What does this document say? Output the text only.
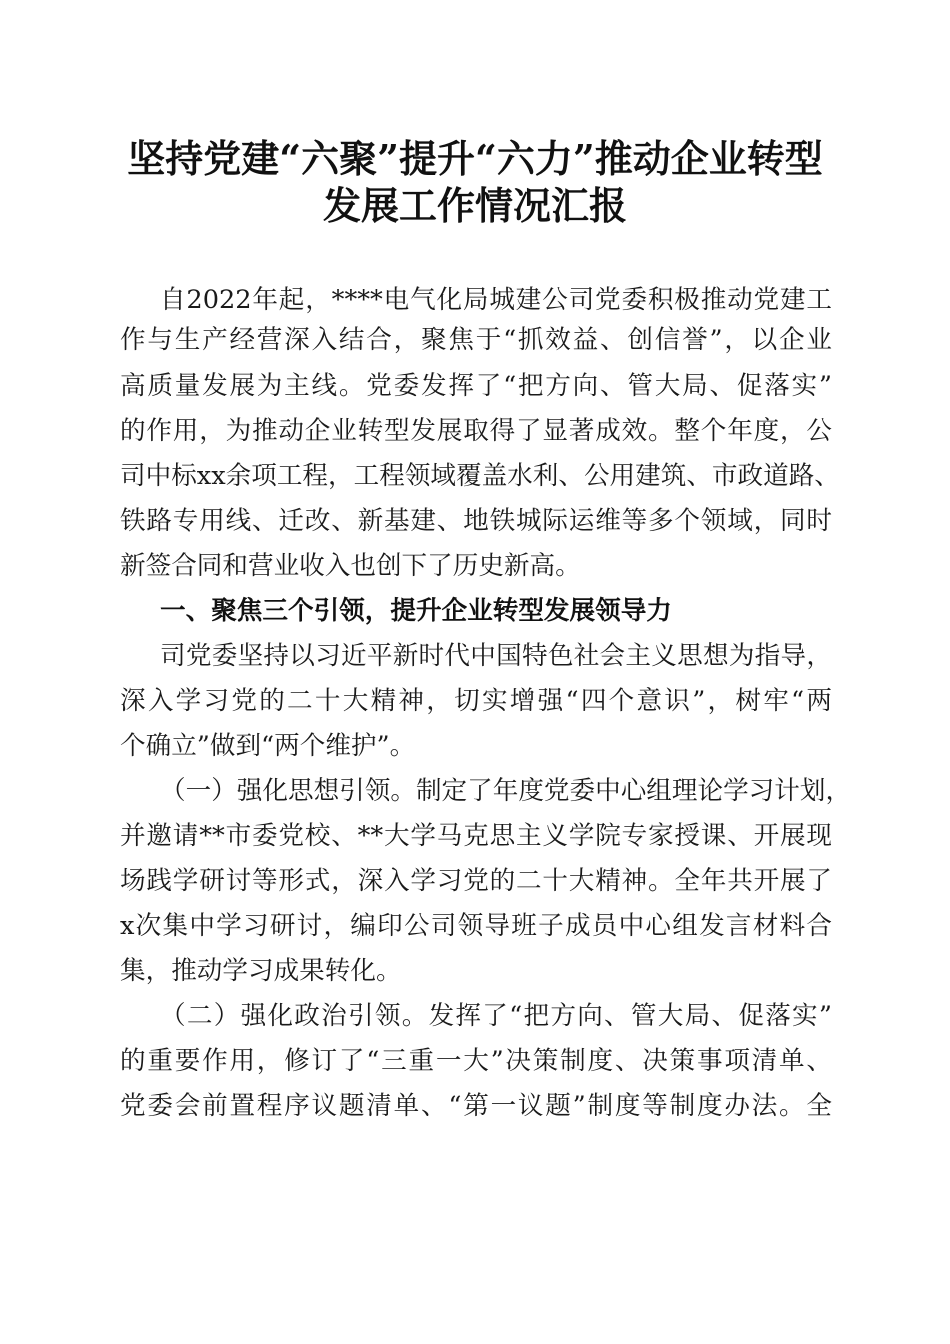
坚持党建“六聚”提升“六力”推动企业转型
发展工作情况汇报
自2022年起，****电气化局城建公司党委积极推动党建工
作与生产经营深入结合，聚焦于“抓效益、创信誉”，以企业
高质量发展为主线。党委发挥了“把方向、管大局、促落实”
的作用，为推动企业转型发展取得了显著成效。整个年度，公
司中标xx余项工程，工程领域覆盖水利、公用建筑、市政道路、
铁路专用线、迁改、新基建、地铁城际运维等多个领域，同时
新签合同和营业收入也创下了历史新高。
一、聚焦三个引领，提升企业转型发展领导力
司党委坚持以习近平新时代中国特色社会主义思想为指导，
深入学习党的二十大精神，切实增强“四个意识”，树牢“两
个确立”做到“两个维护”。
（一）强化思想引领。制定了年度党委中心组理论学习计划，
并邀请**市委党校、**大学马克思主义学院专家授课、开展现
场践学研讨等形式，深入学习党的二十大精神。全年共开展了
x次集中学习研讨，编印公司领导班子成员中心组发言材料合
集，推动学习成果转化。
（二）强化政治引领。发挥了“把方向、管大局、促落实”
的重要作用，修订了“三重一大”决策制度、决策事项清单、
党委会前置程序议题清单、“第一议题”制度等制度办法。全
